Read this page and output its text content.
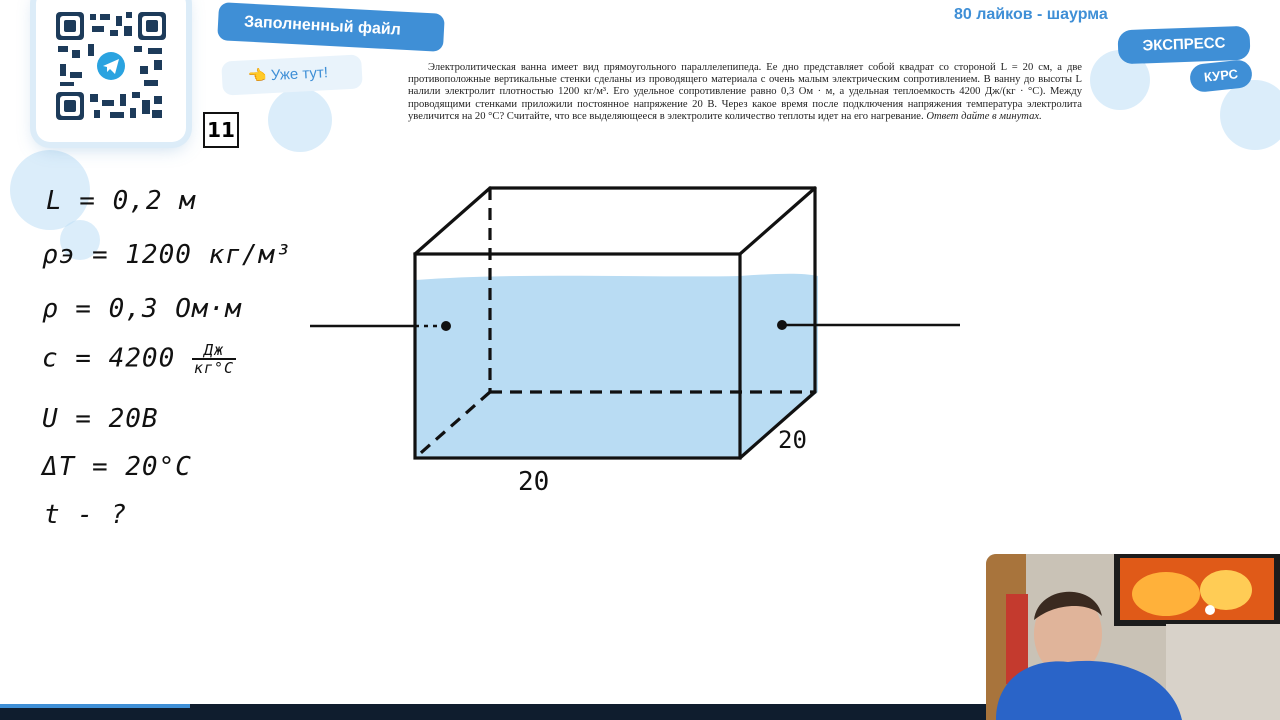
Заполненный файл
👈 Уже тут!
11

Электролитическая ванна имеет вид прямоугольного параллелепипеда. Ее дно представляет собой квадрат со стороной L = 20 см, а две противоположные вертикальные стенки сделаны из проводящего материала с очень малым электрическим сопротивлением. В ванну до высоты L налили электролит плотностью 1200 кг/м³. Его удельное сопротивление равно 0,3 Ом · м, а удельная теплоемкость 4200 Дж/(кг · °С). Между проводящими стенками приложили постоянное напряжение 20 В. Через какое время после подключения напряжения температура электролита увеличится на 20 °С? Считайте, что все выделяющееся в электролите количество теплоты идет на его нагревание. Ответ дайте в минутах.

80 лайков - шаурма
ЭКСПРЕСС
КУРС
L = 0,2 м
ρэ = 1200 кг/м³
ρ = 0,3 Ом·м
$c = 4200 \frac{Дж}{кг^\circ C}$
U = 20В
ΔT = 20°C
t - ?
20
20
